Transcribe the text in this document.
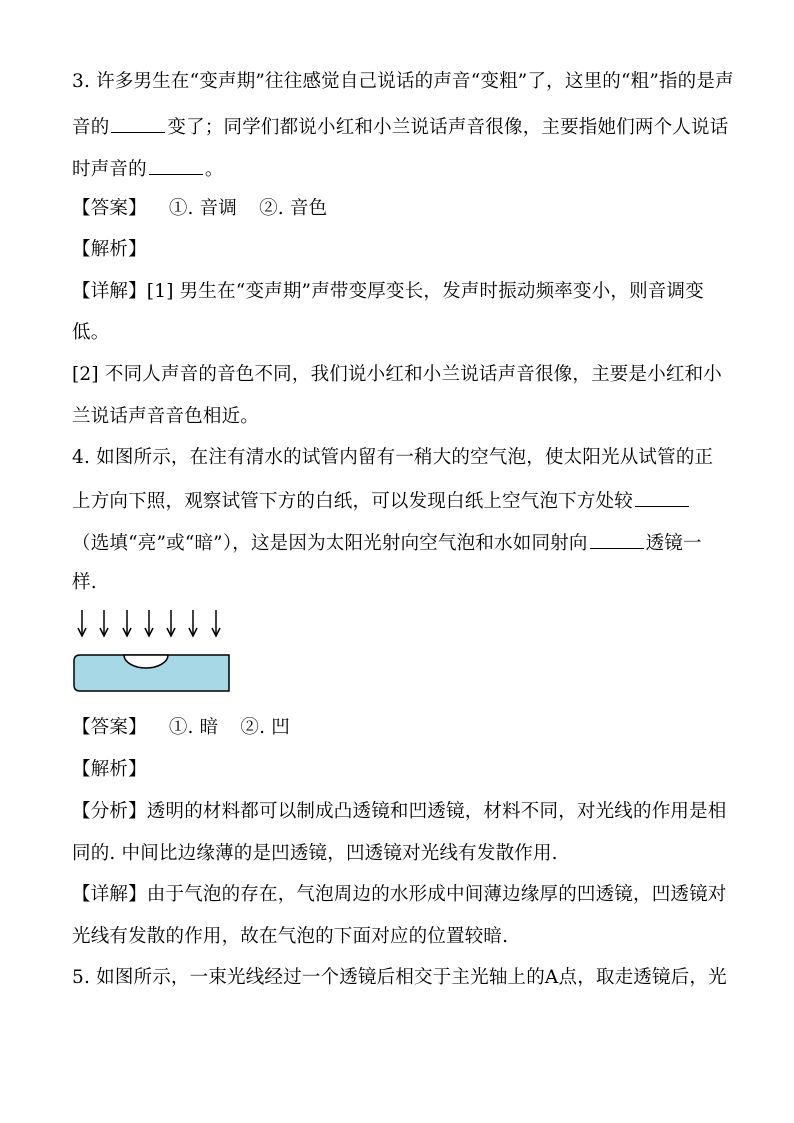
3. 许多男生在“变声期”往往感觉自己说话的声音“变粗”了，这里的“粗”指的是声
音的	变了；同学们都说小红和小兰说话声音很像，主要指她们两个人说话
时声音的	。
【答案】 ①. 音调 ②. 音色
【解析】
【详解】[1] 男生在“变声期”声带变厚变长，发声时振动频率变小，则音调变
低。
[2] 不同人声音的音色不同，我们说小红和小兰说话声音很像，主要是小红和小
兰说话声音音色相近。
4. 如图所示，在注有清水的试管内留有一稍大的空气泡，使太阳光从试管的正
上方向下照，观察试管下方的白纸，可以发现白纸上空气泡下方处较
（选填“亮”或“暗”），这是因为太阳光射向空气泡和水如同射向	透镜一
样.
【答案】 ①. 暗 ②. 凹
【解析】
【分析】透明的材料都可以制成凸透镜和凹透镜，材料不同，对光线的作用是相
同的. 中间比边缘薄的是凹透镜，凹透镜对光线有发散作用.
【详解】由于气泡的存在，气泡周边的水形成中间薄边缘厚的凹透镜，凹透镜对
光线有发散的作用，故在气泡的下面对应的位置较暗.
5. 如图所示，一束光线经过一个透镜后相交于主光轴上的A点，取走透镜后，光
